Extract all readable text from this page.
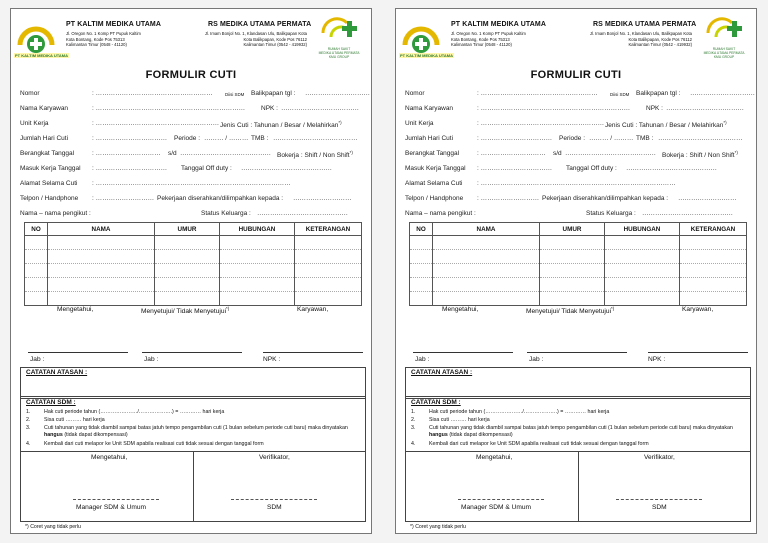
PT KALTIM MEDIKA UTAMA
PT KALTIM MEDIKA UTAMA
Jl. Oregon No. 1 Komp PT Pupuk Kaltim
Kota Bontang, Kode Pos 75313
Kalimantan Timur (0548 - 41120)
RS MEDIKA UTAMA PERMATA
Jl. Imam Bonjol No. 1, Klandasan Ulu, Balikpapan Kota
Kota Balikpapan, Kode Pos 76112
Kalimantan Timur (0542 - 419932)
RUMAH SAKIT
MEDIKA UTAMA PERMATA
KMU GROUP
FORMULIR CUTI
Nomor	: ………………………………………………	Diisi SDM Balikpapan tgl : …………………………
Nama Karyawan	: …………………………………………………………… NPK : ………………………………
Unit Kerja	: ………………………………………………… Jenis Cuti : Tahunan / Besar / Melahirkan*)
Jumlah Hari Cuti	: …………………………… Periode : ……… / ……… TMB : …………………………………
Berangkat Tanggal	: ………………………… s/d …………………………………… Bokerja : Shift / Non Shift*)
Masuk Kerja Tanggal : …………………………… Tanggal Off duty : ……………………………………
Alamat Selama Cuti : ………………………………………………………………………………
Telpon / Handphone : ……………………… Pekerjaan diserahkan/dilimpahkan kepada : ………………………
Nama – nama pengikut :	Status Keluarga : ……………………………………
NO	NAMA	UMUR	HUBUNGAN	KETERANGAN

Mengetahui,	Menyetujui/ Tidak Menyetujui*)	Karyawan,
Jab :	Jab :	NPK :
CATATAN ATASAN :
CATATAN SDM :
1.	Hak cuti periode tahun (…………………/……………….) = ………… hari kerja
2.	Sisa cuti ……… hari kerja
3.	Cuti tahunan yang tidak diambil sampai batas jatuh tempo pengambilan cuti (1 bulan sebelum periode cuti baru) maka dinyatakan hangus (tidak dapat dikompensasi)
4.	Kembali dari cuti melapor ke Unit SDM apabila realisasi cuti tidak sesuai dengan tanggal form
Mengetahui,	Verifikator,
Manager SDM & Umum	SDM
*) Coret yang tidak perlu
PT KALTIM MEDIKA UTAMA
PT KALTIM MEDIKA UTAMA
Jl. Oregon No. 1 Komp PT Pupuk Kaltim
Kota Bontang, Kode Pos 75313
Kalimantan Timur (0548 - 41120)
RS MEDIKA UTAMA PERMATA
Jl. Imam Bonjol No. 1, Klandasan Ulu, Balikpapan Kota
Kota Balikpapan, Kode Pos 76112
Kalimantan Timur (0542 - 419932)
RUMAH SAKIT
MEDIKA UTAMA PERMATA
KMU GROUP
FORMULIR CUTI
Nomor	: ………………………………………………	Diisi SDM Balikpapan tgl : …………………………
Nama Karyawan	: …………………………………………………………… NPK : ………………………………
Unit Kerja	: ………………………………………………… Jenis Cuti : Tahunan / Besar / Melahirkan*)
Jumlah Hari Cuti	: …………………………… Periode : ……… / ……… TMB : …………………………………
Berangkat Tanggal	: ………………………… s/d …………………………………… Bokerja : Shift / Non Shift*)
Masuk Kerja Tanggal : …………………………… Tanggal Off duty : ……………………………………
Alamat Selama Cuti : ………………………………………………………………………………
Telpon / Handphone : ……………………… Pekerjaan diserahkan/dilimpahkan kepada : ………………………
Nama – nama pengikut :	Status Keluarga : ……………………………………
NO	NAMA	UMUR	HUBUNGAN	KETERANGAN

Mengetahui,	Menyetujui/ Tidak Menyetujui*)	Karyawan,
Jab :	Jab :	NPK :
CATATAN ATASAN :
CATATAN SDM :
1.	Hak cuti periode tahun (…………………/……………….) = ………… hari kerja
2.	Sisa cuti ……… hari kerja
3.	Cuti tahunan yang tidak diambil sampai batas jatuh tempo pengambilan cuti (1 bulan sebelum periode cuti baru) maka dinyatakan hangus (tidak dapat dikompensasi)
4.	Kembali dari cuti melapor ke Unit SDM apabila realisasi cuti tidak sesuai dengan tanggal form
Mengetahui,	Verifikator,
Manager SDM & Umum	SDM
*) Coret yang tidak perlu
